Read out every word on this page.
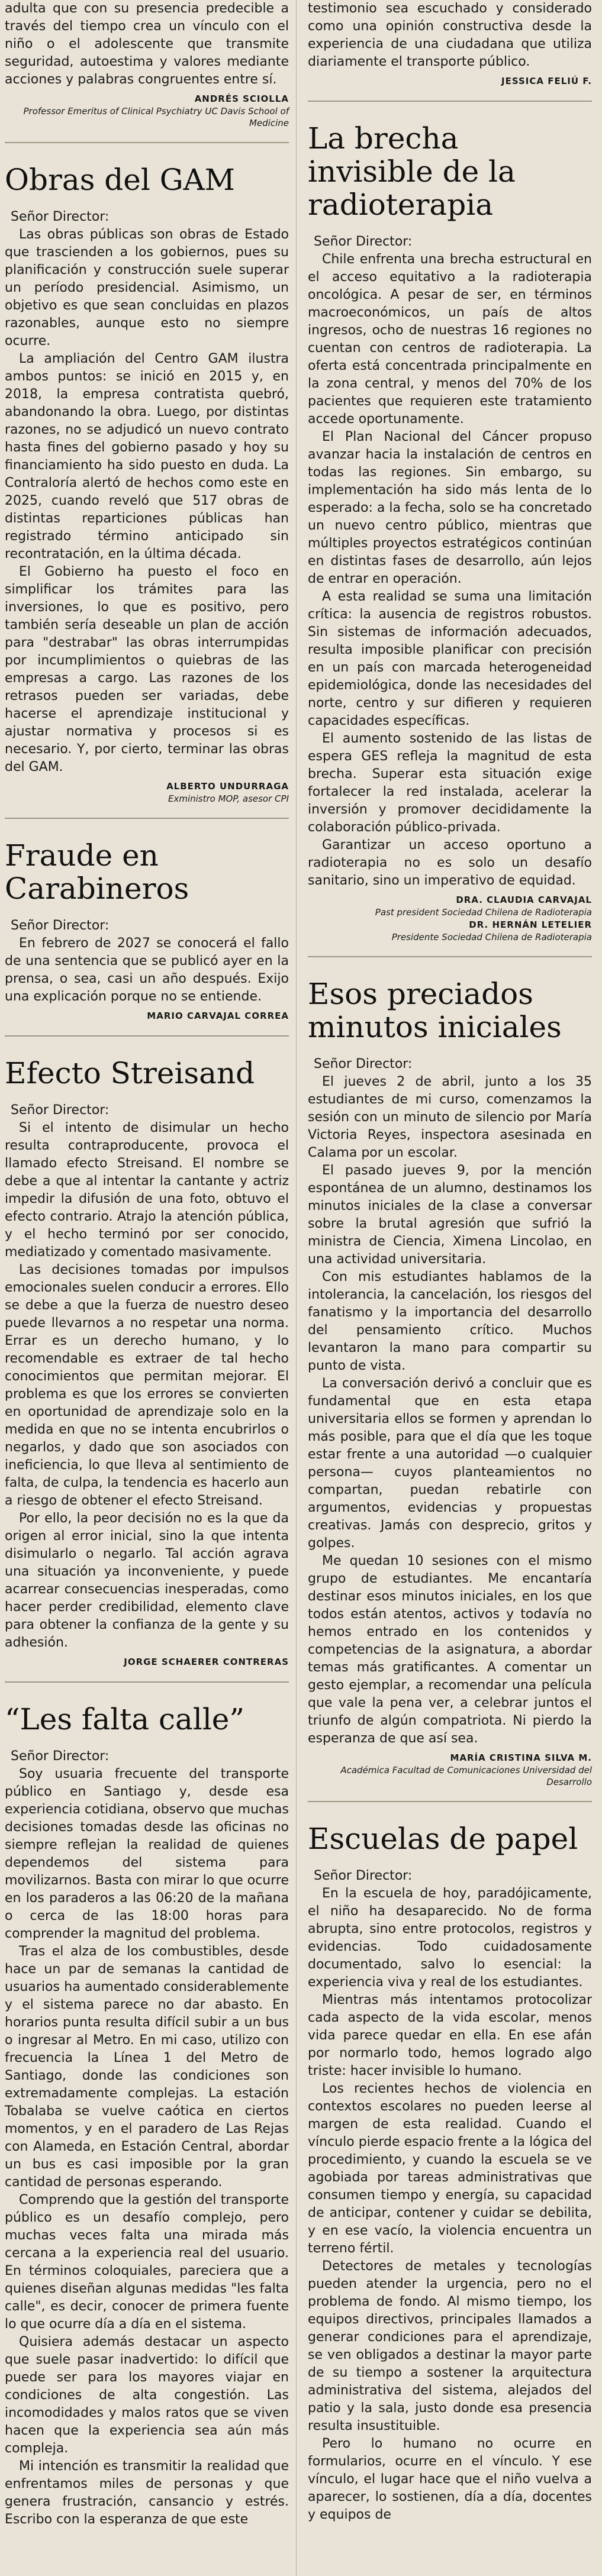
adulta que con su presencia predecible a través del tiempo crea un vínculo con el niño o el adolescente que transmite seguridad, autoestima y valores mediante acciones y palabras congruentes entre sí.

ANDRÉS SCIOLLA
Professor Emeritus of Clinical Psychiatry UC Davis School of Medicine
Obras del GAM

Señor Director:

Las obras públicas son obras de Estado que trascienden a los gobiernos, pues su planificación y construcción suele superar un período presidencial. Asimismo, un objetivo es que sean concluidas en plazos razonables, aunque esto no siempre ocurre.

La ampliación del Centro GAM ilustra ambos puntos: se inició en 2015 y, en 2018, la empresa contratista quebró, abandonando la obra. Luego, por distintas razones, no se adjudicó un nuevo contrato hasta fines del gobierno pasado y hoy su financiamiento ha sido puesto en duda. La Contraloría alertó de hechos como este en 2025, cuando reveló que 517 obras de distintas reparticiones públicas han registrado término anticipado sin recontratación, en la última década.

El Gobierno ha puesto el foco en simplificar los trámites para las inversiones, lo que es positivo, pero también sería deseable un plan de acción para "destrabar" las obras interrumpidas por incumplimientos o quiebras de las empresas a cargo. Las razones de los retrasos pueden ser variadas, debe hacerse el aprendizaje institucional y ajustar normativa y procesos si es necesario. Y, por cierto, terminar las obras del GAM.

ALBERTO UNDURRAGA
Exministro MOP, asesor CPI
Fraude en Carabineros

Señor Director:

En febrero de 2027 se conocerá el fallo de una sentencia que se publicó ayer en la prensa, o sea, casi un año después. Exijo una explicación porque no se entiende.

MARIO CARVAJAL CORREA
Efecto Streisand

Señor Director:

Si el intento de disimular un hecho resulta contraproducente, provoca el llamado efecto Streisand. El nombre se debe a que al intentar la cantante y actriz impedir la difusión de una foto, obtuvo el efecto contrario. Atrajo la atención pública, y el hecho terminó por ser conocido, mediatizado y comentado masivamente.

Las decisiones tomadas por impulsos emocionales suelen conducir a errores. Ello se debe a que la fuerza de nuestro deseo puede llevarnos a no respetar una norma. Errar es un derecho humano, y lo recomendable es extraer de tal hecho conocimientos que permitan mejorar. El problema es que los errores se convierten en oportunidad de aprendizaje solo en la medida en que no se intenta encubrirlos o negarlos, y dado que son asociados con ineficiencia, lo que lleva al sentimiento de falta, de culpa, la tendencia es hacerlo aun a riesgo de obtener el efecto Streisand.

Por ello, la peor decisión no es la que da origen al error inicial, sino la que intenta disimularlo o negarlo. Tal acción agrava una situación ya inconveniente, y puede acarrear consecuencias inesperadas, como hacer perder credibilidad, elemento clave para obtener la confianza de la gente y su adhesión.

JORGE SCHAERER CONTRERAS
“Les falta calle”

Señor Director:

Soy usuaria frecuente del transporte público en Santiago y, desde esa experiencia cotidiana, observo que muchas decisiones tomadas desde las oficinas no siempre reflejan la realidad de quienes dependemos del sistema para movilizarnos. Basta con mirar lo que ocurre en los paraderos a las 06:20 de la mañana o cerca de las 18:00 horas para comprender la magnitud del problema.

Tras el alza de los combustibles, desde hace un par de semanas la cantidad de usuarios ha aumentado considerablemente y el sistema parece no dar abasto. En horarios punta resulta difícil subir a un bus o ingresar al Metro. En mi caso, utilizo con frecuencia la Línea 1 del Metro de Santiago, donde las condiciones son extremadamente complejas. La estación Tobalaba se vuelve caótica en ciertos momentos, y en el paradero de Las Rejas con Alameda, en Estación Central, abordar un bus es casi imposible por la gran cantidad de personas esperando.

Comprendo que la gestión del transporte público es un desafío complejo, pero muchas veces falta una mirada más cercana a la experiencia real del usuario. En términos coloquiales, pareciera que a quienes diseñan algunas medidas "les falta calle", es decir, conocer de primera fuente lo que ocurre día a día en el sistema.

Quisiera además destacar un aspecto que suele pasar inadvertido: lo difícil que puede ser para los mayores viajar en condiciones de alta congestión. Las incomodidades y malos ratos que se viven hacen que la experiencia sea aún más compleja.

Mi intención es transmitir la realidad que enfrentamos miles de personas y que genera frustración, cansancio y estrés. Escribo con la esperanza de que este

testimonio sea escuchado y considerado como una opinión constructiva desde la experiencia de una ciudadana que utiliza diariamente el transporte público.

JESSICA FELIÚ F.
La brecha invisible de la radioterapia

Señor Director:

Chile enfrenta una brecha estructural en el acceso equitativo a la radioterapia oncológica. A pesar de ser, en términos macroeconómicos, un país de altos ingresos, ocho de nuestras 16 regiones no cuentan con centros de radioterapia. La oferta está concentrada principalmente en la zona central, y menos del 70% de los pacientes que requieren este tratamiento accede oportunamente.

El Plan Nacional del Cáncer propuso avanzar hacia la instalación de centros en todas las regiones. Sin embargo, su implementación ha sido más lenta de lo esperado: a la fecha, solo se ha concretado un nuevo centro público, mientras que múltiples proyectos estratégicos continúan en distintas fases de desarrollo, aún lejos de entrar en operación.

A esta realidad se suma una limitación crítica: la ausencia de registros robustos. Sin sistemas de información adecuados, resulta imposible planificar con precisión en un país con marcada heterogeneidad epidemiológica, donde las necesidades del norte, centro y sur difieren y requieren capacidades específicas.

El aumento sostenido de las listas de espera GES refleja la magnitud de esta brecha. Superar esta situación exige fortalecer la red instalada, acelerar la inversión y promover decididamente la colaboración público-privada.

Garantizar un acceso oportuno a radioterapia no es solo un desafío sanitario, sino un imperativo de equidad.

DRA. CLAUDIA CARVAJAL
Past president Sociedad Chilena de Radioterapia
DR. HERNÁN LETELIER
Presidente Sociedad Chilena de Radioterapia
Esos preciados minutos iniciales

Señor Director:

El jueves 2 de abril, junto a los 35 estudiantes de mi curso, comenzamos la sesión con un minuto de silencio por María Victoria Reyes, inspectora asesinada en Calama por un escolar.

El pasado jueves 9, por la mención espontánea de un alumno, destinamos los minutos iniciales de la clase a conversar sobre la brutal agresión que sufrió la ministra de Ciencia, Ximena Lincolao, en una actividad universitaria.

Con mis estudiantes hablamos de la intolerancia, la cancelación, los riesgos del fanatismo y la importancia del desarrollo del pensamiento crítico. Muchos levantaron la mano para compartir su punto de vista.

La conversación derivó a concluir que es fundamental que en esta etapa universitaria ellos se formen y aprendan lo más posible, para que el día que les toque estar frente a una autoridad —o cualquier persona— cuyos planteamientos no compartan, puedan rebatirle con argumentos, evidencias y propuestas creativas. Jamás con desprecio, gritos y golpes.

Me quedan 10 sesiones con el mismo grupo de estudiantes. Me encantaría destinar esos minutos iniciales, en los que todos están atentos, activos y todavía no hemos entrado en los contenidos y competencias de la asignatura, a abordar temas más gratificantes. A comentar un gesto ejemplar, a recomendar una película que vale la pena ver, a celebrar juntos el triunfo de algún compatriota. Ni pierdo la esperanza de que así sea.

MARÍA CRISTINA SILVA M.
Académica Facultad de Comunicaciones Universidad del Desarrollo
Escuelas de papel

Señor Director:

En la escuela de hoy, paradójicamente, el niño ha desaparecido. No de forma abrupta, sino entre protocolos, registros y evidencias. Todo cuidadosamente documentado, salvo lo esencial: la experiencia viva y real de los estudiantes.

Mientras más intentamos protocolizar cada aspecto de la vida escolar, menos vida parece quedar en ella. En ese afán por normarlo todo, hemos logrado algo triste: hacer invisible lo humano.

Los recientes hechos de violencia en contextos escolares no pueden leerse al margen de esta realidad. Cuando el vínculo pierde espacio frente a la lógica del procedimiento, y cuando la escuela se ve agobiada por tareas administrativas que consumen tiempo y energía, su capacidad de anticipar, contener y cuidar se debilita, y en ese vacío, la violencia encuentra un terreno fértil.

Detectores de metales y tecnologías pueden atender la urgencia, pero no el problema de fondo. Al mismo tiempo, los equipos directivos, principales llamados a generar condiciones para el aprendizaje, se ven obligados a destinar la mayor parte de su tiempo a sostener la arquitectura administrativa del sistema, alejados del patio y la sala, justo donde esa presencia resulta insustituible.

Pero lo humano no ocurre en formularios, ocurre en el vínculo. Y ese vínculo, el lugar hace que el niño vuelva a aparecer, lo sostienen, día a día, docentes y equipos de
